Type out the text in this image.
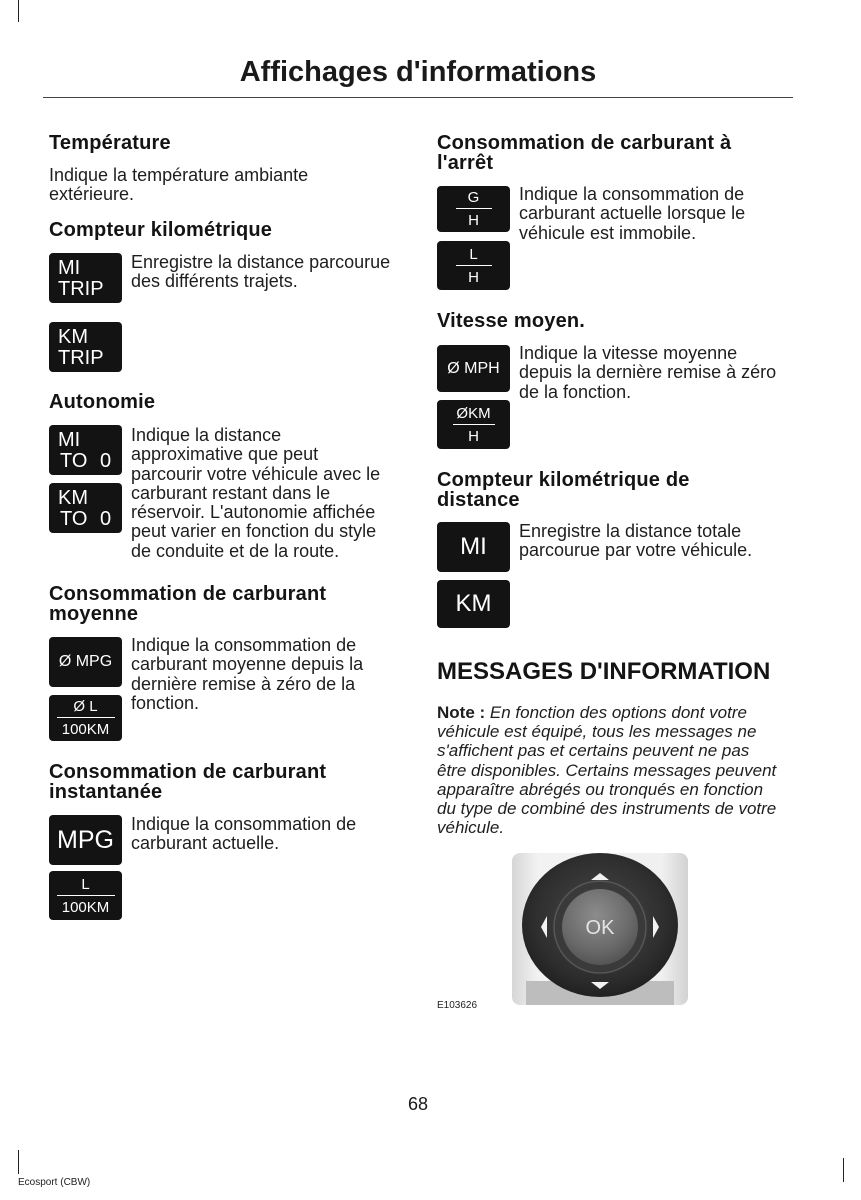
Affichages d'informations
Température

Indique la température ambiante extérieure.

Compteur kilométrique
MI
TRIP
KM
TRIP

Enregistre la distance parcourue des différents trajets.

Autonomie
MI
TO 0
KM
TO 0

Indique la distance approximative que peut parcourir votre véhicule avec le carburant restant dans le réservoir. L'autonomie affichée peut varier en fonction du style de conduite et de la route.

Consommation de carburant moyenne
Ø MPG
Ø L
100KM

Indique la consommation de carburant moyenne depuis la dernière remise à zéro de la fonction.

Consommation de carburant instantanée
MPG
L
100KM

Indique la consommation de carburant actuelle.

Consommation de carburant à l'arrêt
G
H
L
H

Indique la consommation de carburant actuelle lorsque le véhicule est immobile.

Vitesse moyen.
Ø MPH
ØKM
H

Indique la vitesse moyenne depuis la dernière remise à zéro de la fonction.

Compteur kilométrique de distance
MI
KM

Enregistre la distance totale parcourue par votre véhicule.

MESSAGES D'INFORMATION

Note : En fonction des options dont votre véhicule est équipé, tous les messages ne s'affichent pas et certains peuvent ne pas être disponibles. Certains messages peuvent apparaître abrégés ou tronqués en fonction du type de combiné des instruments de votre véhicule.

OK
E103626
68
Ecosport (CBW)
